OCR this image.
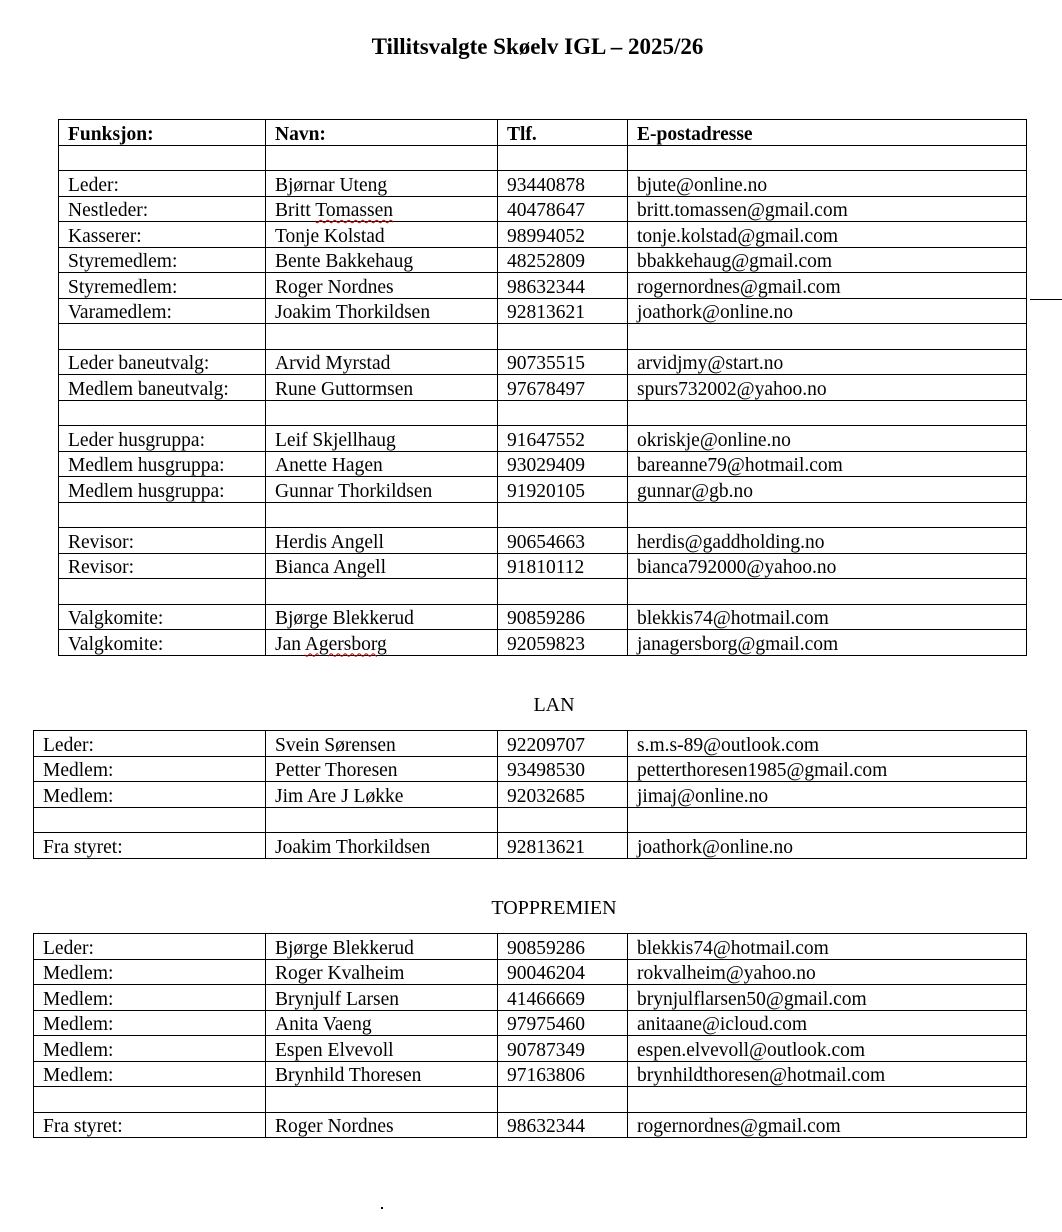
Tillitsvalgte Skøelv IGL – 2025/26
Funksjon:	Navn:	Tlf.	E-postadresse

Leder:	Bjørnar Uteng	93440878	bjute@online.no
Nestleder:	Britt Tomassen	40478647	britt.tomassen@gmail.com
Kasserer:	Tonje Kolstad	98994052	tonje.kolstad@gmail.com
Styremedlem:	Bente Bakkehaug	48252809	bbakkehaug@gmail.com
Styremedlem:	Roger Nordnes	98632344	rogernordnes@gmail.com
Varamedlem:	Joakim Thorkildsen	92813621	joathork@online.no

Leder baneutvalg:	Arvid Myrstad	90735515	arvidjmy@start.no
Medlem baneutvalg:	Rune Guttormsen	97678497	spurs732002@yahoo.no

Leder husgruppa:	Leif Skjellhaug	91647552	okriskje@online.no
Medlem husgruppa:	Anette Hagen	93029409	bareanne79@hotmail.com
Medlem husgruppa:	Gunnar Thorkildsen	91920105	gunnar@gb.no

Revisor:	Herdis Angell	90654663	herdis@gaddholding.no
Revisor:	Bianca Angell	91810112	bianca792000@yahoo.no

Valgkomite:	Bjørge Blekkerud	90859286	blekkis74@hotmail.com
Valgkomite:	Jan Agersborg	92059823	janagersborg@gmail.com

LAN

Leder:	Svein Sørensen	92209707	s.m.s-89@outlook.com
Medlem:	Petter Thoresen	93498530	petterthoresen1985@gmail.com
Medlem:	Jim Are J Løkke	92032685	jimaj@online.no

Fra styret:	Joakim Thorkildsen	92813621	joathork@online.no

TOPPREMIEN

Leder:	Bjørge Blekkerud	90859286	blekkis74@hotmail.com
Medlem:	Roger Kvalheim	90046204	rokvalheim@yahoo.no
Medlem:	Brynjulf Larsen	41466669	brynjulflarsen50@gmail.com
Medlem:	Anita Vaeng	97975460	anitaane@icloud.com
Medlem:	Espen Elvevoll	90787349	espen.elvevoll@outlook.com
Medlem:	Brynhild Thoresen	97163806	brynhildthoresen@hotmail.com

Fra styret:	Roger Nordnes	98632344	rogernordnes@gmail.com
